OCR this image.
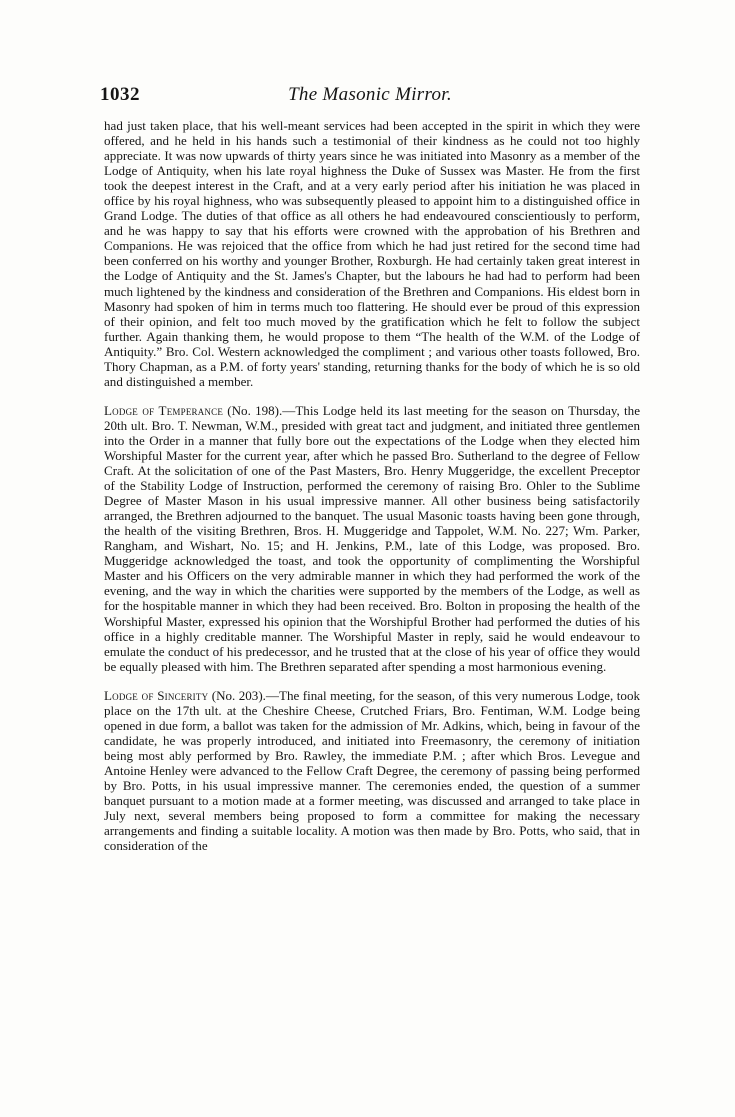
1032	The Masonic Mirror.

had just taken place, that his well-meant services had been accepted in the spirit in which they were offered, and he held in his hands such a testimonial of their kindness as he could not too highly appreciate. It was now upwards of thirty years since he was initiated into Masonry as a member of the Lodge of Antiquity, when his late royal highness the Duke of Sussex was Master. He from the first took the deepest interest in the Craft, and at a very early period after his initiation he was placed in office by his royal highness, who was subsequently pleased to appoint him to a distinguished office in Grand Lodge. The duties of that office as all others he had endeavoured conscientiously to perform, and he was happy to say that his efforts were crowned with the approbation of his Brethren and Companions. He was rejoiced that the office from which he had just retired for the second time had been conferred on his worthy and younger Brother, Roxburgh. He had certainly taken great interest in the Lodge of Antiquity and the St. James's Chapter, but the labours he had had to perform had been much lightened by the kindness and consideration of the Brethren and Companions. His eldest born in Masonry had spoken of him in terms much too flattering. He should ever be proud of this expression of their opinion, and felt too much moved by the gratification which he felt to follow the subject further. Again thanking them, he would propose to them “The health of the W.M. of the Lodge of Antiquity.” Bro. Col. Western acknowledged the compliment ; and various other toasts followed, Bro. Thory Chapman, as a P.M. of forty years' standing, returning thanks for the body of which he is so old and distinguished a member.

Lodge of Temperance (No. 198).—This Lodge held its last meeting for the season on Thursday, the 20th ult. Bro. T. Newman, W.M., presided with great tact and judgment, and initiated three gentlemen into the Order in a manner that fully bore out the expectations of the Lodge when they elected him Worshipful Master for the current year, after which he passed Bro. Sutherland to the degree of Fellow Craft. At the solicitation of one of the Past Masters, Bro. Henry Muggeridge, the excellent Preceptor of the Stability Lodge of Instruction, performed the ceremony of raising Bro. Ohler to the Sublime Degree of Master Mason in his usual impressive manner. All other business being satisfactorily arranged, the Brethren adjourned to the banquet. The usual Masonic toasts having been gone through, the health of the visiting Brethren, Bros. H. Muggeridge and Tappolet, W.M. No. 227; Wm. Parker, Rangham, and Wishart, No. 15; and H. Jenkins, P.M., late of this Lodge, was proposed. Bro. Muggeridge acknowledged the toast, and took the opportunity of complimenting the Worshipful Master and his Officers on the very admirable manner in which they had performed the work of the evening, and the way in which the charities were supported by the members of the Lodge, as well as for the hospitable manner in which they had been received. Bro. Bolton in proposing the health of the Worshipful Master, expressed his opinion that the Worshipful Brother had performed the duties of his office in a highly creditable manner. The Worshipful Master in reply, said he would endeavour to emulate the conduct of his predecessor, and he trusted that at the close of his year of office they would be equally pleased with him. The Brethren separated after spending a most harmonious evening.

Lodge of Sincerity (No. 203).—The final meeting, for the season, of this very numerous Lodge, took place on the 17th ult. at the Cheshire Cheese, Crutched Friars, Bro. Fentiman, W.M. Lodge being opened in due form, a ballot was taken for the admission of Mr. Adkins, which, being in favour of the candidate, he was properly introduced, and initiated into Freemasonry, the ceremony of initiation being most ably performed by Bro. Rawley, the immediate P.M. ; after which Bros. Levegue and Antoine Henley were advanced to the Fellow Craft Degree, the ceremony of passing being performed by Bro. Potts, in his usual impressive manner. The ceremonies ended, the question of a summer banquet pursuant to a motion made at a former meeting, was discussed and arranged to take place in July next, several members being proposed to form a committee for making the necessary arrangements and finding a suitable locality. A motion was then made by Bro. Potts, who said, that in consideration of the
